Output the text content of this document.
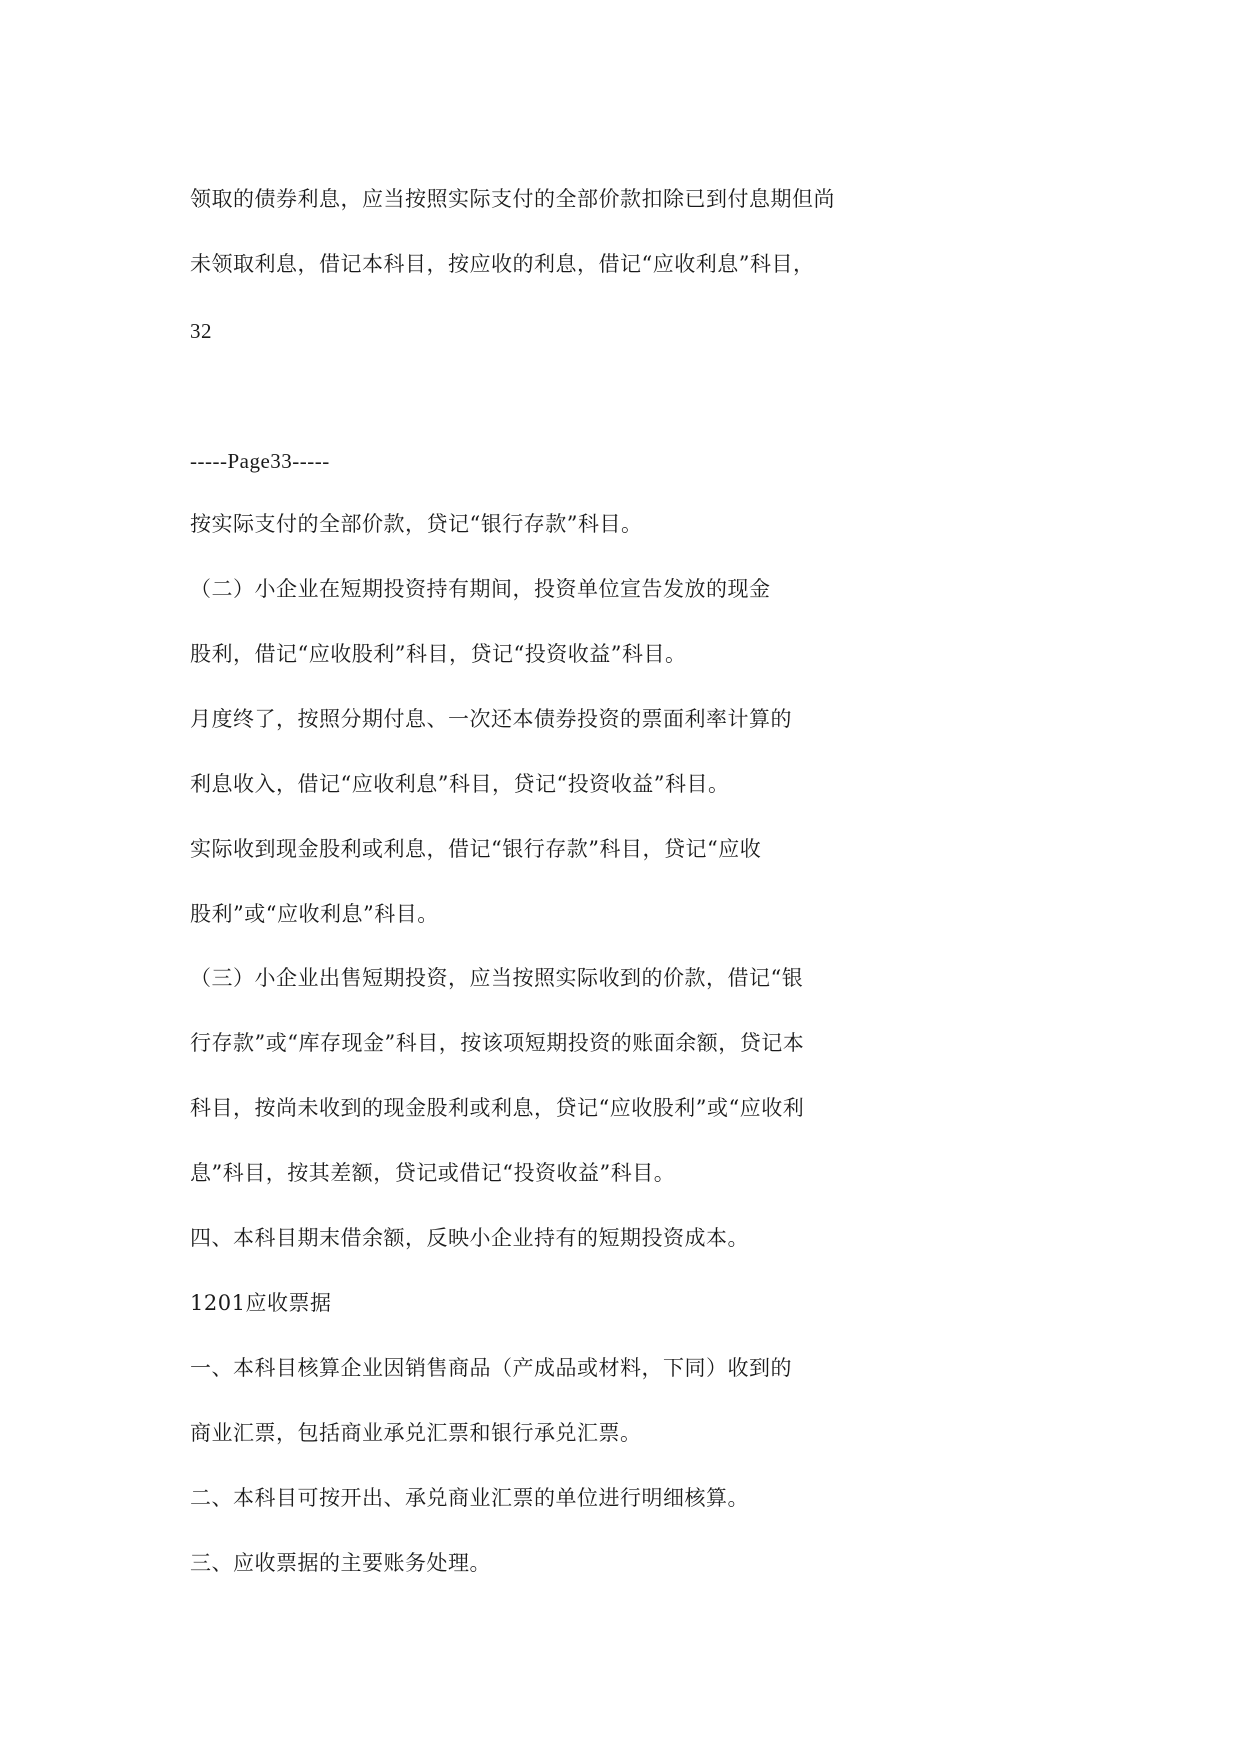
领取的债券利息，应当按照实际支付的全部价款扣除已到付息期但尚
未领取利息，借记本科目，按应收的利息，借记“应收利息”科目，
32
-----Page33-----
按实际支付的全部价款，贷记“银行存款”科目。
（二）小企业在短期投资持有期间，投资单位宣告发放的现金
股利，借记“应收股利”科目，贷记“投资收益”科目。
月度终了，按照分期付息、一次还本债券投资的票面利率计算的
利息收入，借记“应收利息”科目，贷记“投资收益”科目。
实际收到现金股利或利息，借记“银行存款”科目，贷记“应收
股利”或“应收利息”科目。
（三）小企业出售短期投资，应当按照实际收到的价款，借记“银
行存款”或“库存现金”科目，按该项短期投资的账面余额，贷记本
科目，按尚未收到的现金股利或利息，贷记“应收股利”或“应收利
息”科目，按其差额，贷记或借记“投资收益”科目。
四、本科目期末借余额，反映小企业持有的短期投资成本。
1201应收票据
一、本科目核算企业因销售商品（产成品或材料，下同）收到的
商业汇票，包括商业承兑汇票和银行承兑汇票。
二、本科目可按开出、承兑商业汇票的单位进行明细核算。
三、应收票据的主要账务处理。
